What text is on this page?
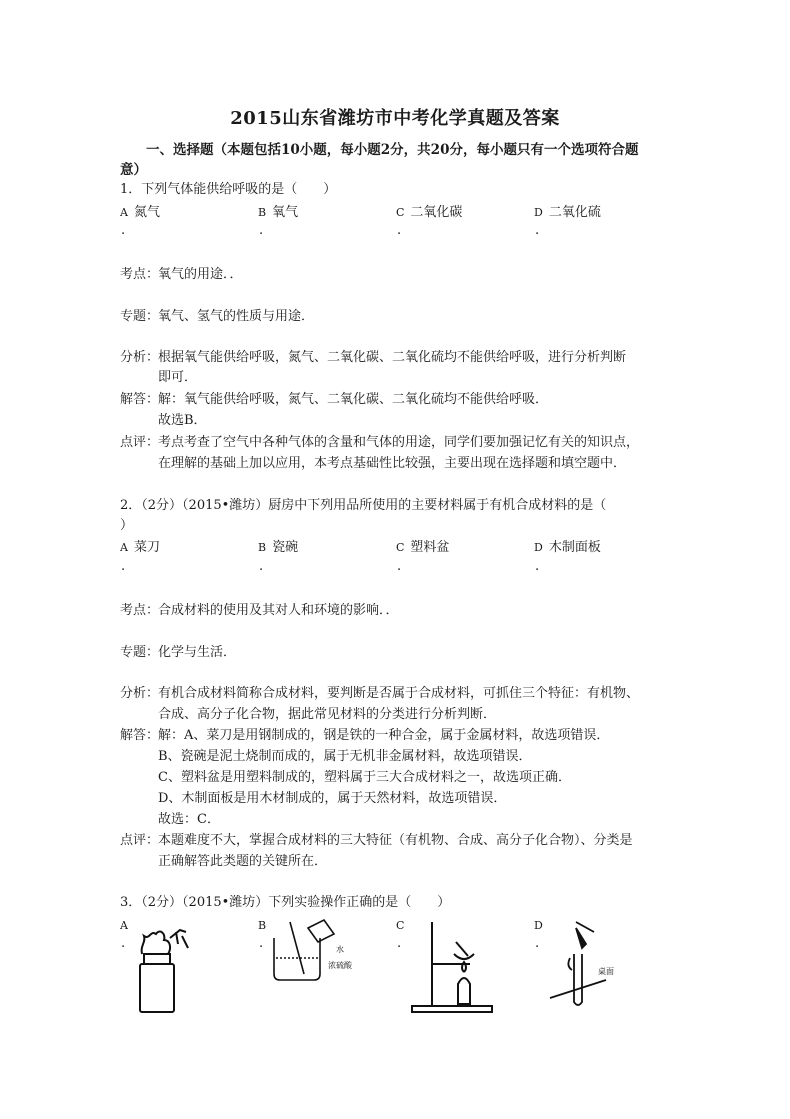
2015山东省潍坊市中考化学真题及答案
一、选择题（本题包括10小题，每小题2分，共20分，每小题只有一个选项符合题
意）
1．下列气体能供给呼吸的是（　　）
A 氮气	B 氧气	C 二氧化碳	D 二氧化硫
.	.	.	.
考点：
氧气的用途．．
专题：
氧气、氢气的性质与用途．
分析：
根据氧气能供给呼吸，氮气、二氧化碳、二氧化硫均不能供给呼吸，进行分析判断
即可．
解答：
解：氧气能供给呼吸，氮气、二氧化碳、二氧化硫均不能供给呼吸．
故选B．
点评：
考点考查了空气中各种气体的含量和气体的用途，同学们要加强记忆有关的知识点，
在理解的基础上加以应用，本考点基础性比较强，主要出现在选择题和填空题中．
2．（2分）（2015•潍坊）厨房中下列用品所使用的主要材料属于有机合成材料的是（
）
A 菜刀	B 瓷碗	C 塑料盆	D 木制面板
.	.	.	.
考点：
合成材料的使用及其对人和环境的影响．．
专题：
化学与生活．
分析：
有机合成材料简称合成材料，要判断是否属于合成材料，可抓住三个特征：有机物、
合成、高分子化合物，据此常见材料的分类进行分析判断．
解答：
解：A、菜刀是用钢制成的，钢是铁的一种合金，属于金属材料，故选项错误．
B、瓷碗是泥土烧制而成的，属于无机非金属材料，故选项错误．
C、塑料盆是用塑料制成的，塑料属于三大合成材料之一，故选项正确．
D、木制面板是用木材制成的，属于天然材料，故选项错误．
故选：C．
点评：
本题难度不大，掌握合成材料的三大特征（有机物、合成、高分子化合物）、分类是
正确解答此类题的关键所在．
3．（2分）（2015•潍坊）下列实验操作正确的是（　　）
A	B	C	D
.	.	.	.
水
浓硫酸
桌面
